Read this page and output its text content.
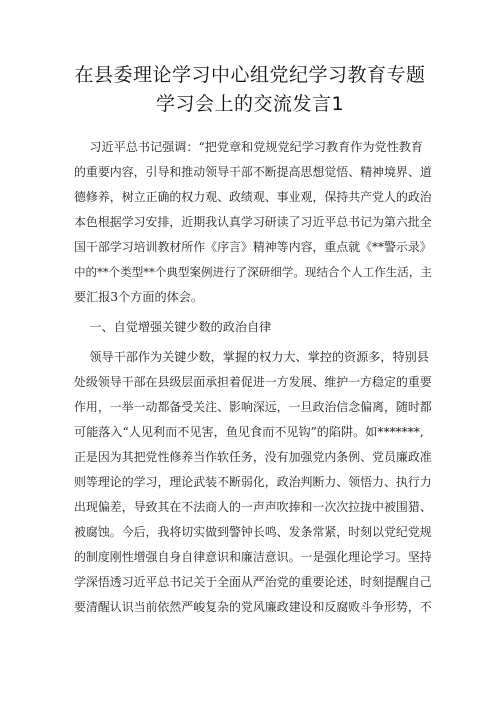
在县委理论学习中心组党纪学习教育专题
学习会上的交流发言1

习近平总书记强调：“把党章和党规党纪学习教育作为党性教育

的重要内容，引导和推动领导干部不断提高思想觉悟、精神境界、道

德修养，树立正确的权力观、政绩观、事业观，保持共产党人的政治

本色根据学习安排，近期我认真学习研读了习近平总书记为第六批全

国干部学习培训教材所作《序言》精神等内容，重点就《**警示录》

中的**个类型**个典型案例进行了深研细学。现结合个人工作生活，主

要汇报3个方面的体会。

一、自觉增强关键少数的政治自律

领导干部作为关键少数，掌握的权力大、掌控的资源多，特别县

处级领导干部在县级层面承担着促进一方发展、维护一方稳定的重要

作用，一举一动都备受关注、影响深远，一旦政治信念偏离，随时都

可能落入“人见利而不见害，鱼见食而不见钩”的陷阱。如*******,

正是因为其把党性修养当作软任务，没有加强党内条例、党员廉政准

则等理论的学习，理论武装不断弱化，政治判断力、领悟力、执行力

出现偏差，导致其在不法商人的一声声吹捧和一次次拉拢中被围猎、

被腐蚀。今后，我将切实做到警钟长鸣、发条常紧，时刻以党纪党规

的制度刚性增强自身自律意识和廉洁意识。一是强化理论学习。坚持

学深悟透习近平总书记关于全面从严治党的重要论述，时刻提醒自己

要清醒认识当前依然严峻复杂的党风廉政建设和反腐败斗争形势，不
